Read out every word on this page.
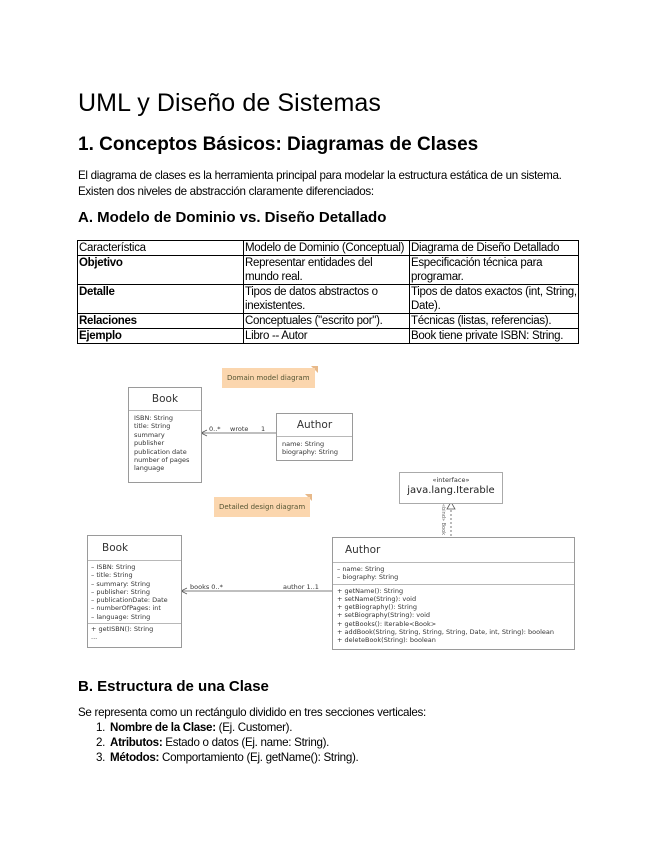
UML y Diseño de Sistemas
1. Conceptos Básicos: Diagramas de Clases

El diagrama de clases es la herramienta principal para modelar la estructura estática de un sistema. Existen dos niveles de abstracción claramente diferenciados:

A. Modelo de Dominio vs. Diseño Detallado
Característica	Modelo de Dominio (Conceptual)	Diagrama de Diseño Detallado
Objetivo	Representar entidades del mundo real.	Especificación técnica para programar.
Detalle	Tipos de datos abstractos o inexistentes.	Tipos de datos exactos (int, String, Date).
Relaciones	Conceptuales ("escrito por").	Técnicas (listas, referencias).
Ejemplo	Libro -- Autor	Book tiene private ISBN: String.
Domain model diagram
Detailed design diagram
Book
ISBN: String
title: String
summary
publisher
publication date
number of pages
language
0..* wrote 1	Author
name: String
biography: String
«interface»
java.lang.Iterable
«bind» Book
Book
– ISBN: String
– title: String
– summary: String
– publisher: String
– publicationDate: Date
– numberOfPages: int
– language: String
+ getISBN(): String
...
books 0..*	author 1..1
Author
– name: String
– biography: String
+ getName(): String
+ setName(String): void
+ getBiography(): String
+ setBiography(String): void
+ getBooks(): Iterable<Book>
+ addBook(String, String, String, String, Date, int, String): boolean
+ deleteBook(String): boolean
B. Estructura de una Clase

Se representa como un rectángulo dividido en tres secciones verticales:

1. Nombre de la Clase: (Ej. Customer).
2. Atributos: Estado o datos (Ej. name: String).
3. Métodos: Comportamiento (Ej. getName(): String).
